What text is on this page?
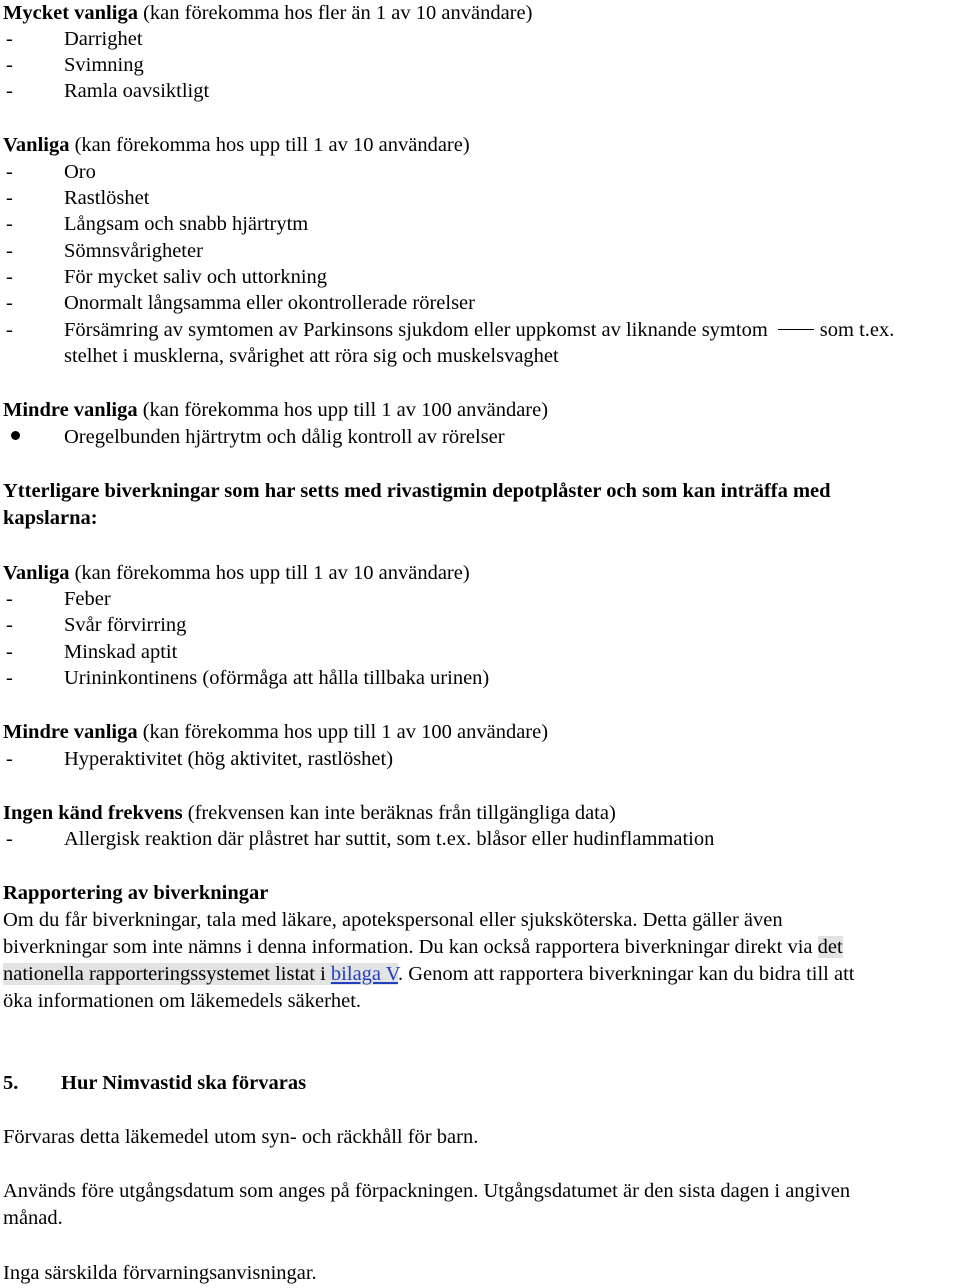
Mycket vanliga (kan förekomma hos fler än 1 av 10 användare)
- Darrighet
- Svimning
- Ramla oavsiktligt
Vanliga (kan förekomma hos upp till 1 av 10 användare)
- Oro
- Rastlöshet
- Långsam och snabb hjärtrytm
- Sömnsvårigheter
- För mycket saliv och uttorkning
- Onormalt långsamma eller okontrollerade rörelser
- Försämring av symtomen av Parkinsons sjukdom eller uppkomst av liknande symtom	som t.ex.
stelhet i musklerna, svårighet att röra sig och muskelsvaghet
Mindre vanliga (kan förekomma hos upp till 1 av 100 användare)
Oregelbunden hjärtrytm och dålig kontroll av rörelser
Ytterligare biverkningar som har setts med rivastigmin depotplåster och som kan inträffa med
kapslarna:
Vanliga (kan förekomma hos upp till 1 av 10 användare)
- Feber
- Svår förvirring
- Minskad aptit
- Urininkontinens (oförmåga att hålla tillbaka urinen)
Mindre vanliga (kan förekomma hos upp till 1 av 100 användare)
- Hyperaktivitet (hög aktivitet, rastlöshet)
Ingen känd frekvens (frekvensen kan inte beräknas från tillgängliga data)
- Allergisk reaktion där plåstret har suttit, som t.ex. blåsor eller hudinflammation
Rapportering av biverkningar
Om du får biverkningar, tala med läkare, apotekspersonal eller sjuksköterska. Detta gäller även
biverkningar som inte nämns i denna information. Du kan också rapportera biverkningar direkt via det
nationella rapporteringssystemet listat i bilaga V. Genom att rapportera biverkningar kan du bidra till att
öka informationen om läkemedels säkerhet.
5. Hur Nimvastid ska förvaras
Förvaras detta läkemedel utom syn- och räckhåll för barn.
Används före utgångsdatum som anges på förpackningen. Utgångsdatumet är den sista dagen i angiven
månad.
Inga särskilda förvarningsanvisningar.
